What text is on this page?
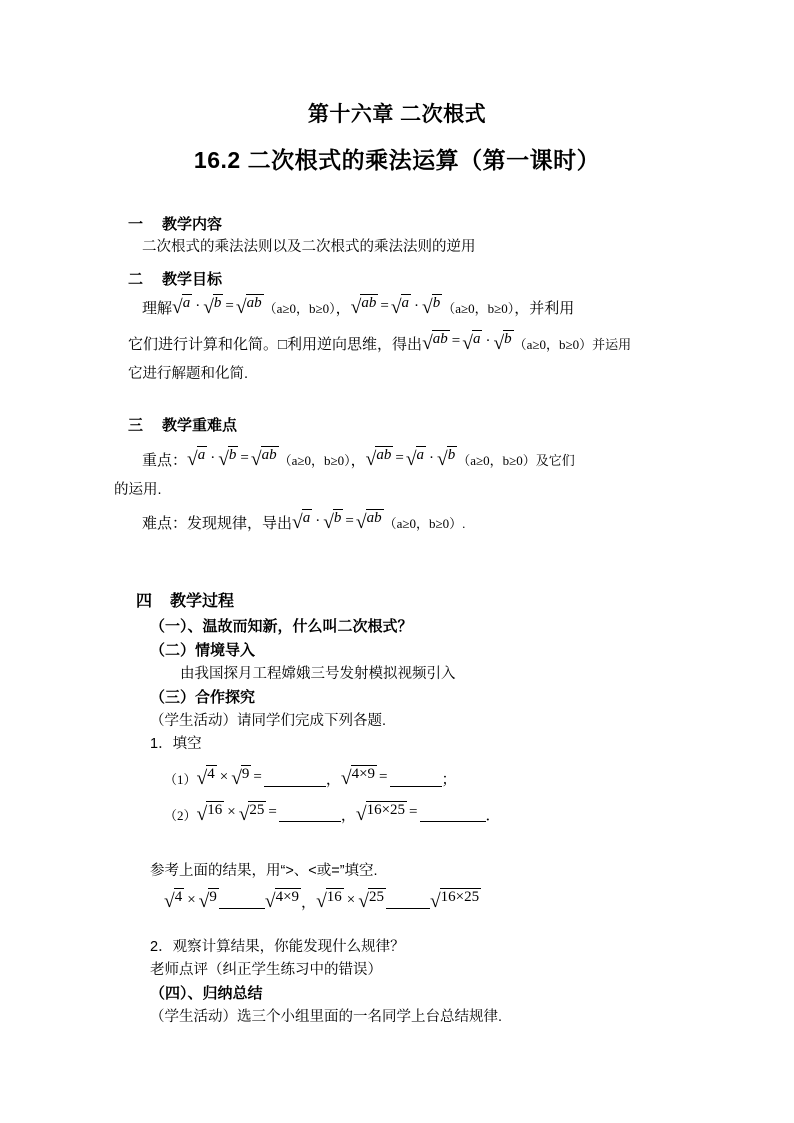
第十六章 二次根式
16.2 二次根式的乘法运算（第一课时）
一 教学内容
二次根式的乘法法则以及二次根式的乘法法则的逆用
二 教学目标
理解√a · √b = √ab （a≥0，b≥0），√ab = √a · √b （a≥0，b≥0），并利用
它们进行计算和化简。□利用逆向思维，得出√ab = √a · √b （a≥0，b≥0）并运用
它进行解题和化简.
三 教学重难点
重点：√a · √b = √ab （a≥0，b≥0），√ab = √a · √b （a≥0，b≥0）及它们
的运用.
难点：发现规律，导出√a · √b = √ab （a≥0，b≥0）.
四 教学过程
（一）、温故而知新，什么叫二次根式？
（二）情境导入
由我国探月工程嫦娥三号发射模拟视频引入
（三）合作探究
（学生活动）请同学们完成下列各题.
1．填空
（1）√4 × √9 =	，√4×9 =	；
（2）√16 × √25 =	，√16×25 =	．
参考上面的结果，用“>、<或=”填空.
√4 × √9 √4×9 ，√16 × √25 √16×25
2．观察计算结果，你能发现什么规律？
老师点评（纠正学生练习中的错误）
（四）、归纳总结
（学生活动）选三个小组里面的一名同学上台总结规律.
